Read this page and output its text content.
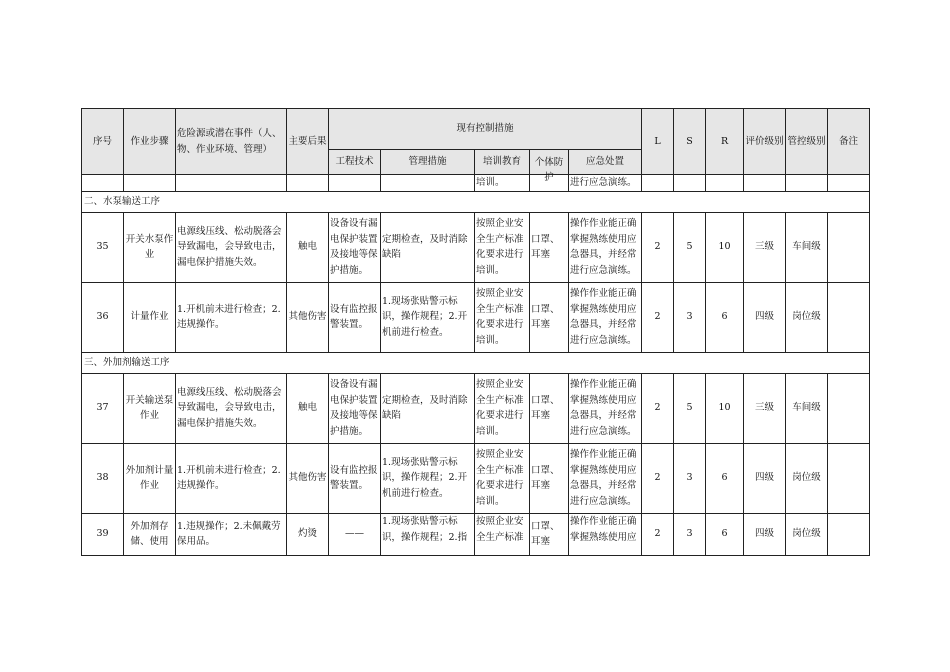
序号	作业步骤	危险源或潜在事件（人、物、作业环境、管理）	主要后果	现有控制措施					L	S	R	评价级别	管控级别	备注
				工程技术	管理措施	培训教育	个体防护	应急处置						
						培训。		进行应急演练。						
二、水泵输送工序														
35	开关水泵作业	电源线压线、松动脱落会导致漏电，会导致电击，漏电保护措施失效。	触电	设备设有漏电保护装置及接地等保护措施。	定期检查，及时消除缺陷	按照企业安全生产标准化要求进行培训。	口罩、耳塞	操作作业能正确掌握熟练使用应急器具，并经常进行应急演练。	2	5	10	三级	车间级	
36	计量作业	1.开机前未进行检查；2.违规操作。	其他伤害	设有监控报警装置。	1.现场张贴警示标识，操作规程；2.开机前进行检查。	按照企业安全生产标准化要求进行培训。	口罩、耳塞	操作作业能正确掌握熟练使用应急器具，并经常进行应急演练。	2	3	6	四级	岗位级	
三、外加剂输送工序														
37	开关输送泵作业	电源线压线、松动脱落会导致漏电，会导致电击，漏电保护措施失效。	触电	设备设有漏电保护装置及接地等保护措施。	定期检查，及时消除缺陷	按照企业安全生产标准化要求进行培训。	口罩、耳塞	操作作业能正确掌握熟练使用应急器具，并经常进行应急演练。	2	5	10	三级	车间级	
38	外加剂计量作业	1.开机前未进行检查；2.违规操作。	其他伤害	设有监控报警装置。	1.现场张贴警示标识，操作规程；2.开机前进行检查。	按照企业安全生产标准化要求进行培训。	口罩、耳塞	操作作业能正确掌握熟练使用应急器具，并经常进行应急演练。	2	3	6	四级	岗位级	
39	外加剂存储、使用	1.违规操作；2.未佩戴劳保用品。	灼烫	——	1.现场张贴警示标识，操作规程；2.指	按照企业安全生产标准	口罩、耳塞	操作作业能正确掌握熟练使用应	2	3	6	四级	岗位级	
